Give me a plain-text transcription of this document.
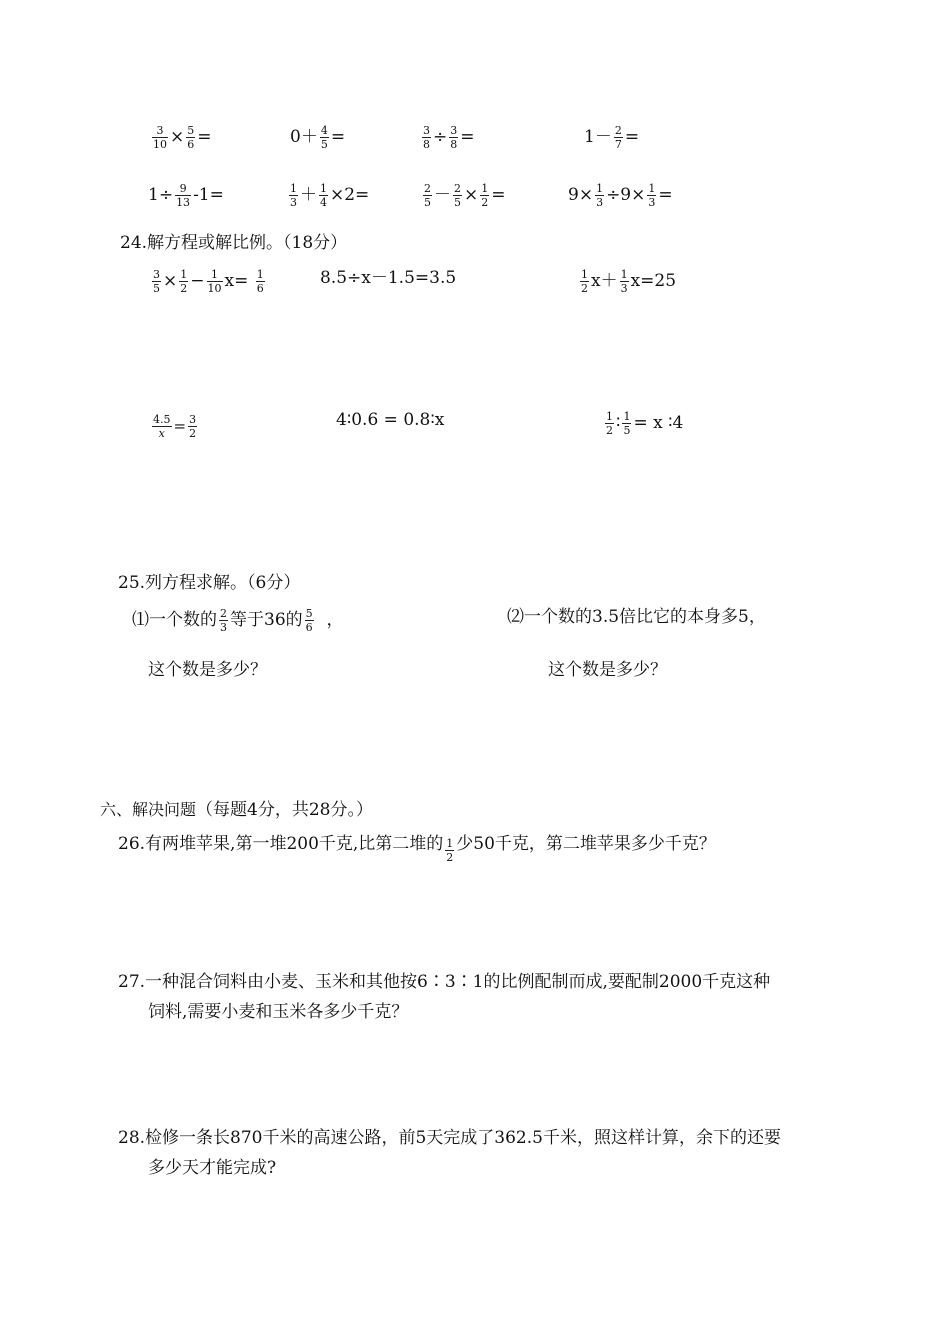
$\frac{3}{10} \times \frac{5}{6}$ =	$0+ \frac{4}{5}$ =	$\frac{3}{8} \div \frac{3}{8}$ =	$1- \frac{2}{7}$ =
$1\div \frac{9}{13} -1=$	$\frac{1}{3} + \frac{1}{4} \times 2=$	$\frac{2}{5} - \frac{2}{5} \times \frac{1}{2}$ =	$9\times \frac{1}{3} \div 9\times \frac{1}{3}$ =
24.解方程或解比例。（18分）
$\frac{3}{5} \times \frac{1}{2} - \frac{1}{10} x= \frac{1}{6}$	8.5÷x－1.5=3.5	$\frac{1}{2} x+ \frac{1}{3} x=25$
$\frac{4.5}{x} = \frac{3}{2}$	4∶0.6 = 0.8∶x	$\frac{1}{2}$ ∶ $\frac{1}{5} = x$ ∶4
25.列方程求解。（6分）
⑴一个数的 $\frac{2}{3}$ 等于36的 $\frac{5}{6}$ ，
这个数是多少？
⑵一个数的3.5倍比它的本身多5，
这个数是多少？
六、解决问题（每题4分，共28分。）
26.有两堆苹果,第一堆200千克,比第二堆的 $\frac{1}{2}$ 少50千克，第二堆苹果多少千克？
27.一种混合饲料由小麦、玉米和其他按6∶3∶1的比例配制而成,要配制2000千克这种
饲料,需要小麦和玉米各多少千克？
28.检修一条长870千米的高速公路，前5天完成了362.5千米，照这样计算，余下的还要
多少天才能完成?
